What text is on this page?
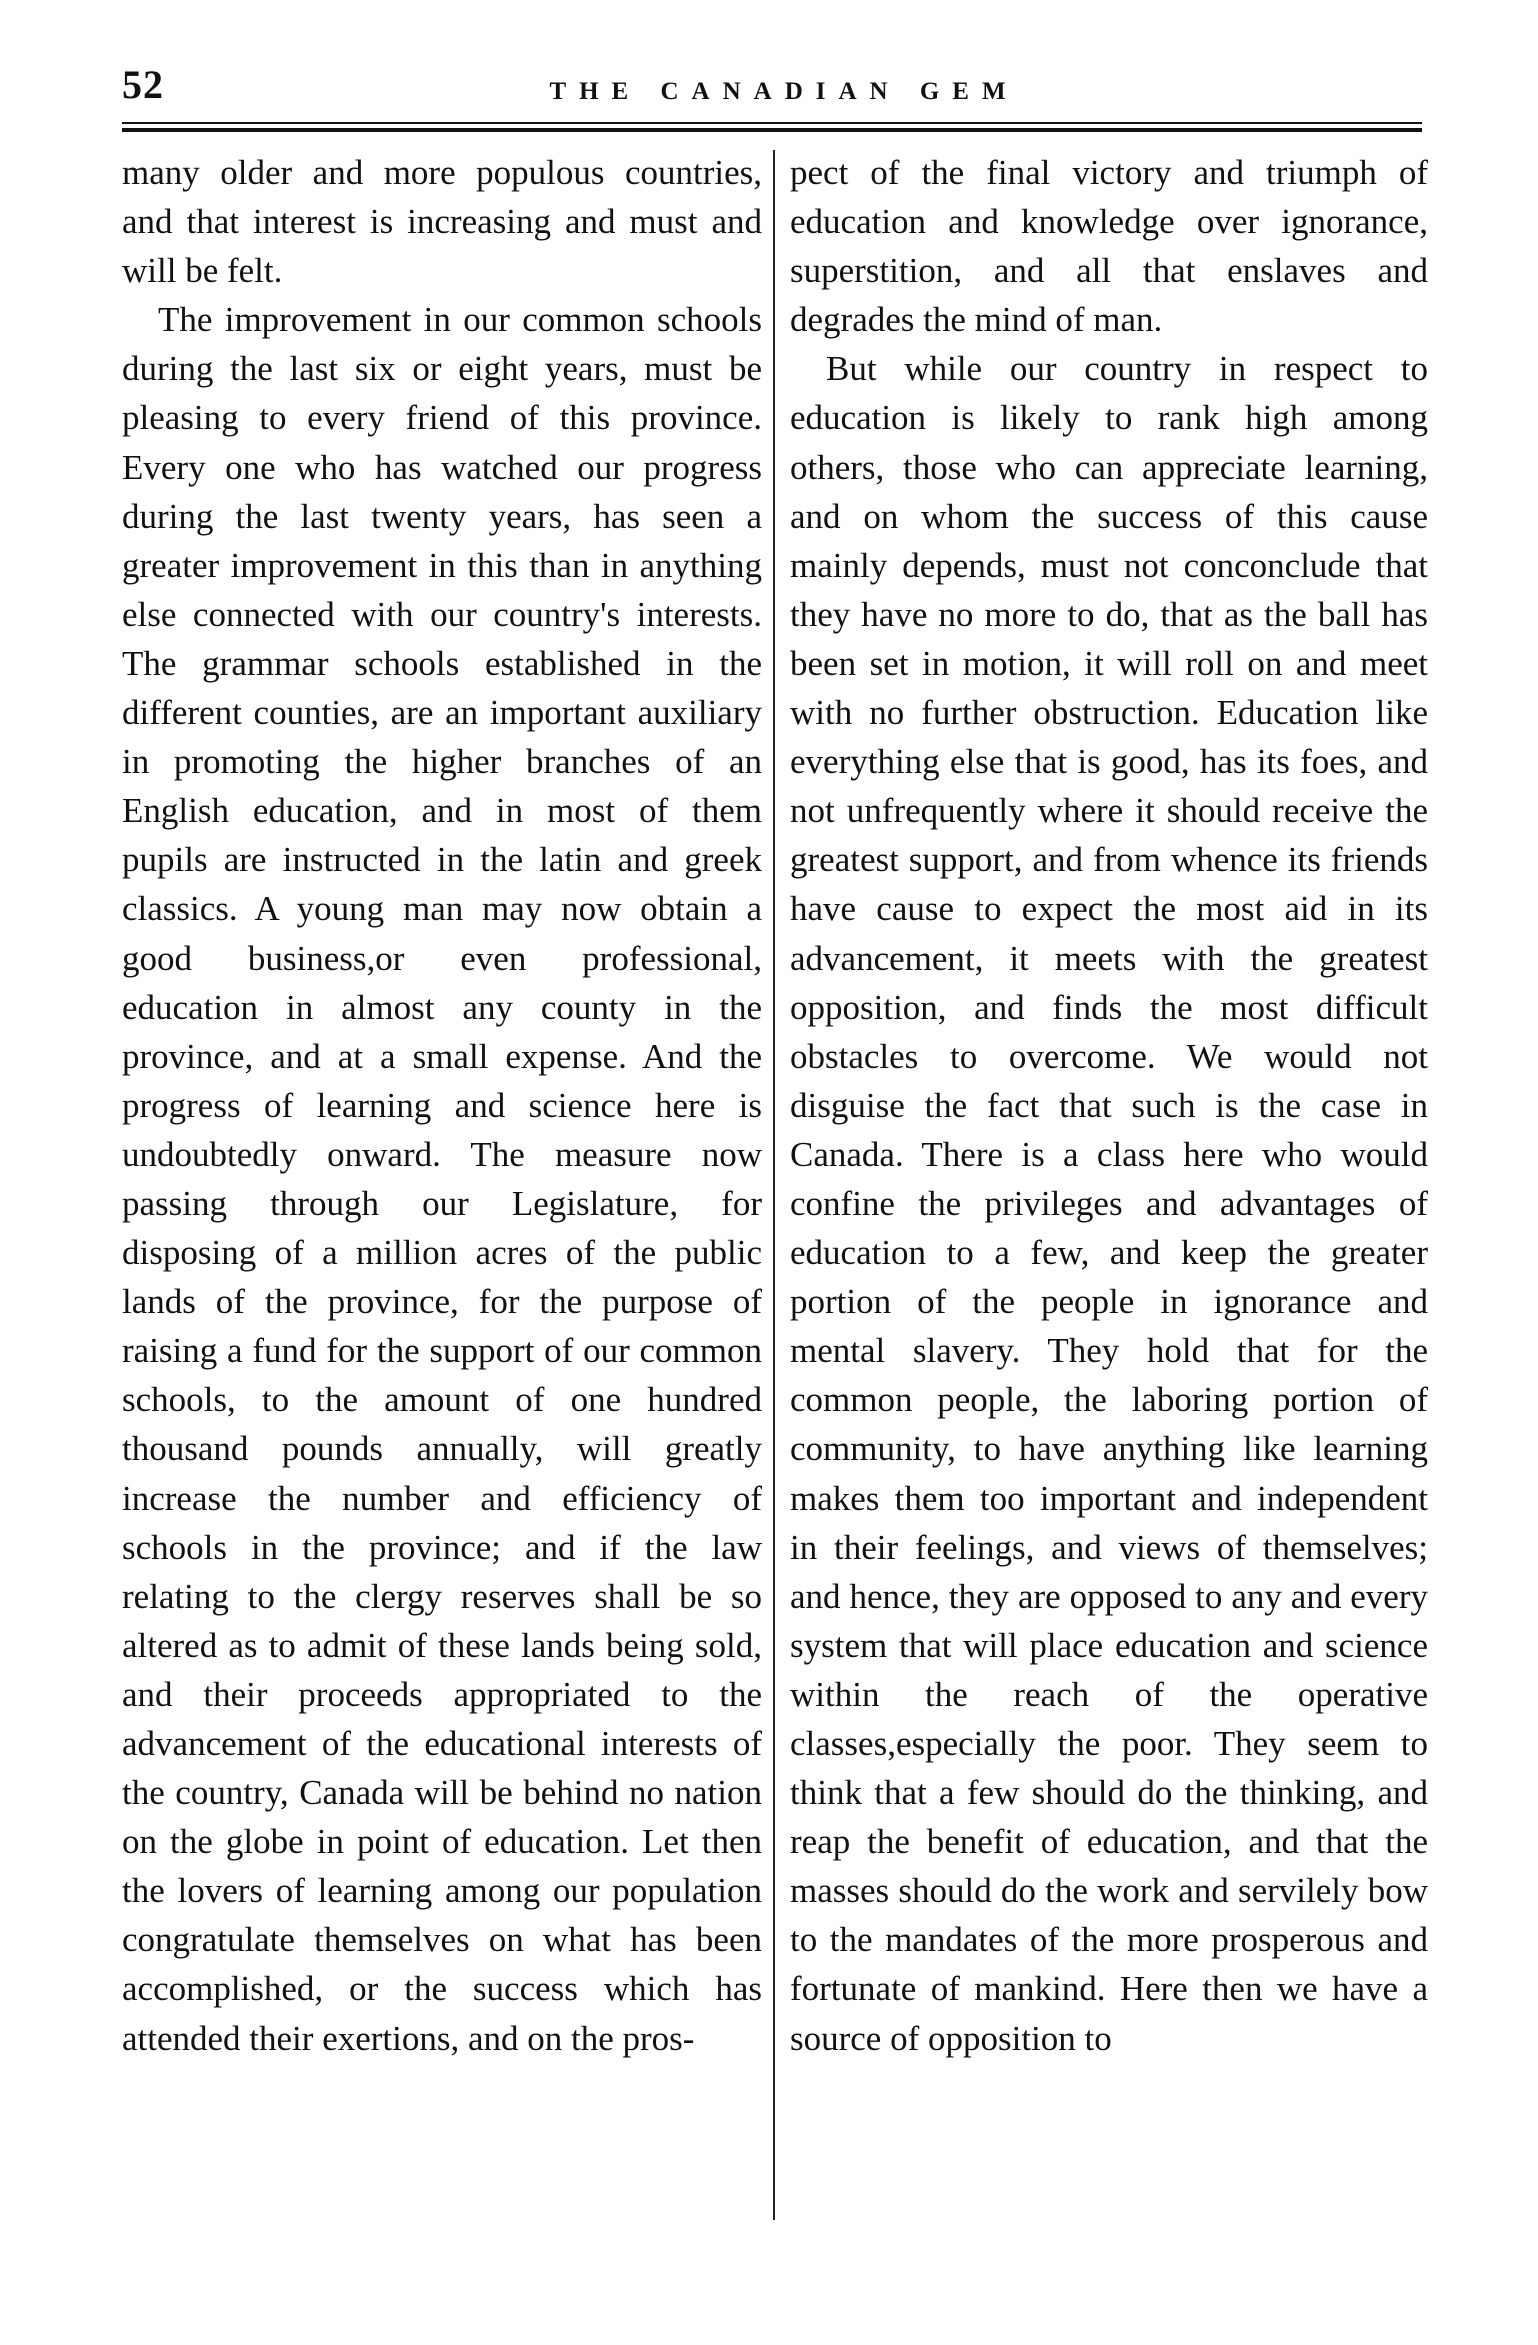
52	THE CANADIAN GEM

many older and more populous countries, and that interest is increasing and must and will be felt.

The improvement in our common schools during the last six or eight years, must be pleasing to every friend of this province. Every one who has watched our progress during the last twenty years, has seen a greater improvement in this than in anything else connected with our country's interests. The grammar schools established in the different counties, are an important auxiliary in promoting the higher branches of an English education, and in most of them pupils are instructed in the latin and greek classics. A young man may now obtain a good business,or even professional, education in almost any county in the province, and at a small expense. And the progress of learning and science here is undoubtedly onward. The measure now passing through our Legislature, for disposing of a million acres of the public lands of the province, for the purpose of raising a fund for the support of our common schools, to the amount of one hundred thousand pounds annually, will greatly increase the number and efficiency of schools in the province; and if the law relating to the clergy reserves shall be so altered as to admit of these lands being sold, and their proceeds appropriated to the advancement of the educational interests of the country, Canada will be behind no nation on the globe in point of education. Let then the lovers of learning among our population congratulate themselves on what has been accomplished, or the success which has attended their exertions, and on the pros-

pect of the final victory and triumph of education and knowledge over ignorance, superstition, and all that enslaves and degrades the mind of man.

But while our country in respect to education is likely to rank high among others, those who can appreciate learning, and on whom the success of this cause mainly depends, must not conconclude that they have no more to do, that as the ball has been set in motion, it will roll on and meet with no further obstruction. Education like everything else that is good, has its foes, and not unfrequently where it should receive the greatest support, and from whence its friends have cause to expect the most aid in its advancement, it meets with the greatest opposition, and finds the most difficult obstacles to overcome. We would not disguise the fact that such is the case in Canada. There is a class here who would confine the privileges and advantages of education to a few, and keep the greater portion of the people in ignorance and mental slavery. They hold that for the common people, the laboring portion of community, to have anything like learning makes them too important and independent in their feelings, and views of themselves; and hence, they are opposed to any and every system that will place education and science within the reach of the operative classes,especially the poor. They seem to think that a few should do the thinking, and reap the benefit of education, and that the masses should do the work and servilely bow to the mandates of the more prosperous and fortunate of mankind. Here then we have a source of opposition to
